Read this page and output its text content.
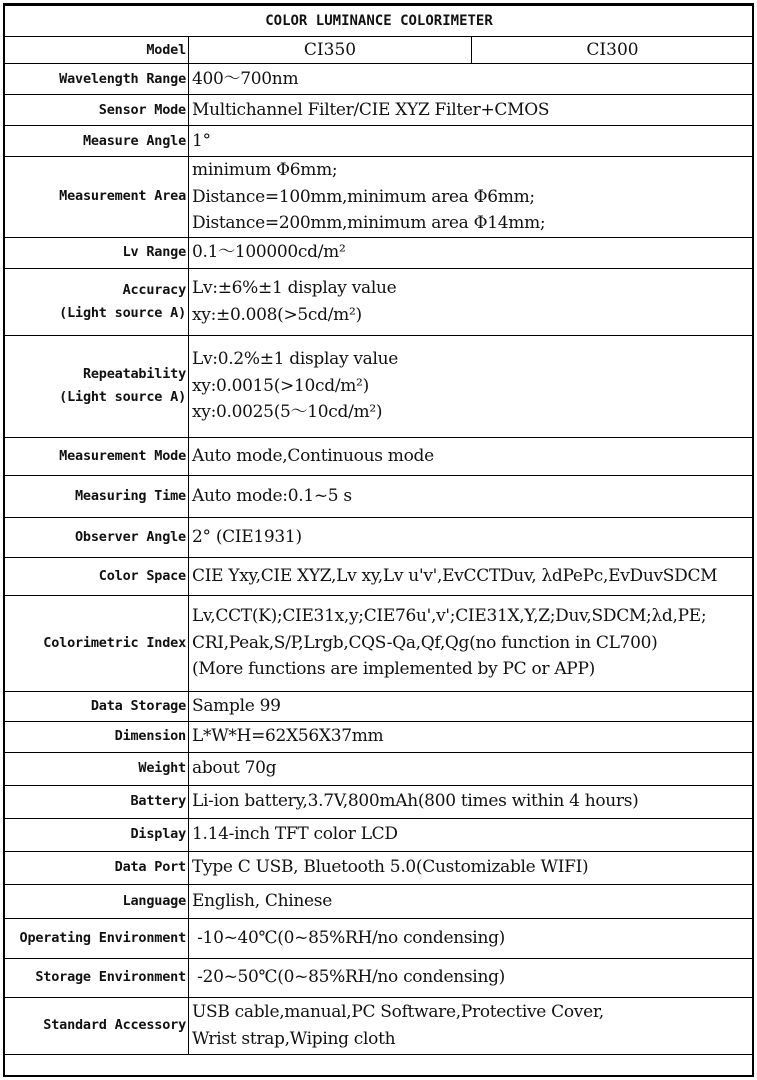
COLOR LUMINANCE COLORIMETER		
Model	CI350	CI300

Wavelength Range	400～700nm	

Sensor Mode	Multichannel Filter/CIE XYZ Filter+CMOS	

Measure Angle	1°	

Measurement Area	minimum Φ6mm;
Distance=100mm,minimum area Φ6mm;
Distance=200mm,minimum area Φ14mm;	

Lv Range	0.1～100000cd/m²	

Accuracy
(Light source A)	Lv:±6%±1 display value
xy:±0.008(>5cd/m²)	

Repeatability
(Light source A)	Lv:0.2%±1 display value
xy:0.0015(>10cd/m²)
xy:0.0025(5～10cd/m²)	

Measurement Mode	Auto mode,Continuous mode	

Measuring Time	Auto mode:0.1~5 s	

Observer Angle	2° (CIE1931)	

Color Space	CIE Yxy,CIE XYZ,Lv xy,Lv u'v',EvCCTDuv, λdPePc,EvDuvSDCM	

Colorimetric Index	Lv,CCT(K);CIE31x,y;CIE76u',v';CIE31X,Y,Z;Duv,SDCM;λd,PE;
CRI,Peak,S/P,Lrgb,CQS-Qa,Qf,Qg(no function in CL700)
(More functions are implemented by PC or APP)	

Data Storage	Sample 99	

Dimension	L*W*H=62X56X37mm	

Weight	about 70g	

Battery	Li-ion battery,3.7V,800mAh(800 times within 4 hours)	

Display	1.14-inch TFT color LCD	

Data Port	Type C USB, Bluetooth 5.0(Customizable WIFI)	

Language	English, Chinese	

Operating Environment	-10~40℃(0~85%RH/no condensing)	

Storage Environment	-20~50℃(0~85%RH/no condensing)	

Standard Accessory	USB cable,manual,PC Software,Protective Cover,
Wrist strap,Wiping cloth	
